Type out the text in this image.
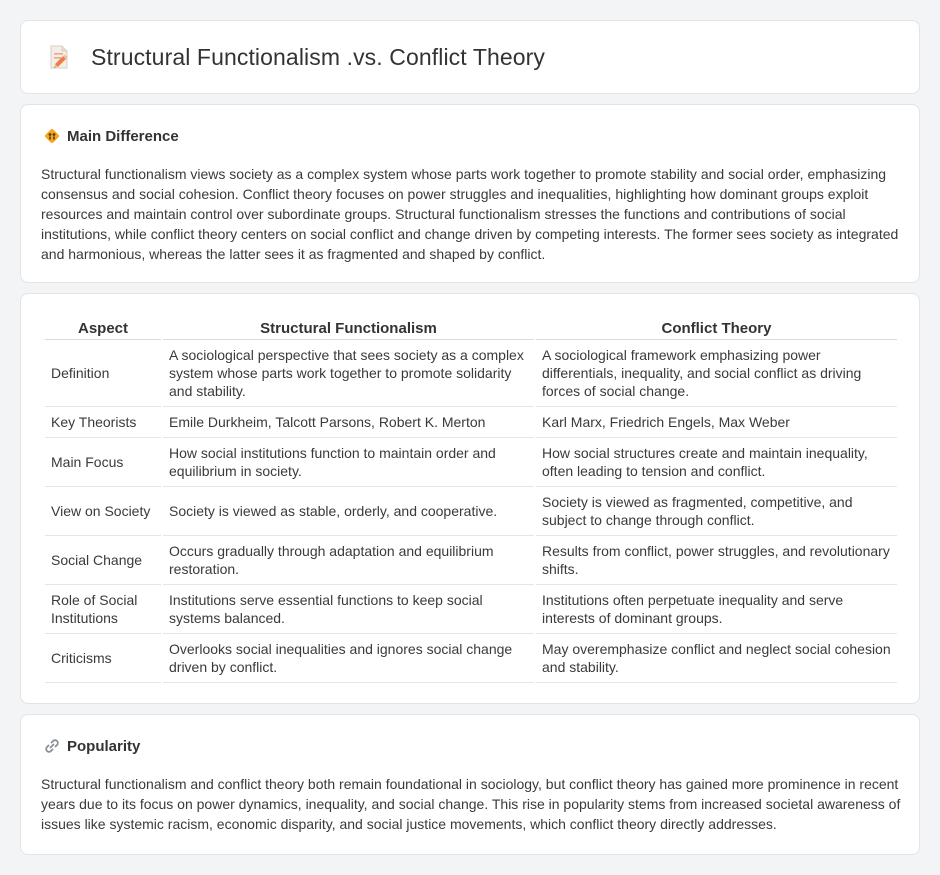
Structural Functionalism .vs. Conflict Theory
Main Difference

Structural functionalism views society as a complex system whose parts work together to promote stability and social order, emphasizing consensus and social cohesion. Conflict theory focuses on power struggles and inequalities, highlighting how dominant groups exploit resources and maintain control over subordinate groups. Structural functionalism stresses the functions and contributions of social institutions, while conflict theory centers on social conflict and change driven by competing interests. The former sees society as integrated and harmonious, whereas the latter sees it as fragmented and shaped by conflict.

Aspect	Structural Functionalism	Conflict Theory
Definition	A sociological perspective that sees society as a complex system whose parts work together to promote solidarity and stability.	A sociological framework emphasizing power differentials, inequality, and social conflict as driving forces of social change.
Key Theorists	Emile Durkheim, Talcott Parsons, Robert K. Merton	Karl Marx, Friedrich Engels, Max Weber
Main Focus	How social institutions function to maintain order and equilibrium in society.	How social structures create and maintain inequality, often leading to tension and conflict.
View on Society	Society is viewed as stable, orderly, and cooperative.	Society is viewed as fragmented, competitive, and subject to change through conflict.
Social Change	Occurs gradually through adaptation and equilibrium restoration.	Results from conflict, power struggles, and revolutionary shifts.
Role of Social Institutions	Institutions serve essential functions to keep social systems balanced.	Institutions often perpetuate inequality and serve interests of dominant groups.
Criticisms	Overlooks social inequalities and ignores social change driven by conflict.	May overemphasize conflict and neglect social cohesion and stability.
Popularity

Structural functionalism and conflict theory both remain foundational in sociology, but conflict theory has gained more prominence in recent years due to its focus on power dynamics, inequality, and social change. This rise in popularity stems from increased societal awareness of issues like systemic racism, economic disparity, and social justice movements, which conflict theory directly addresses.
